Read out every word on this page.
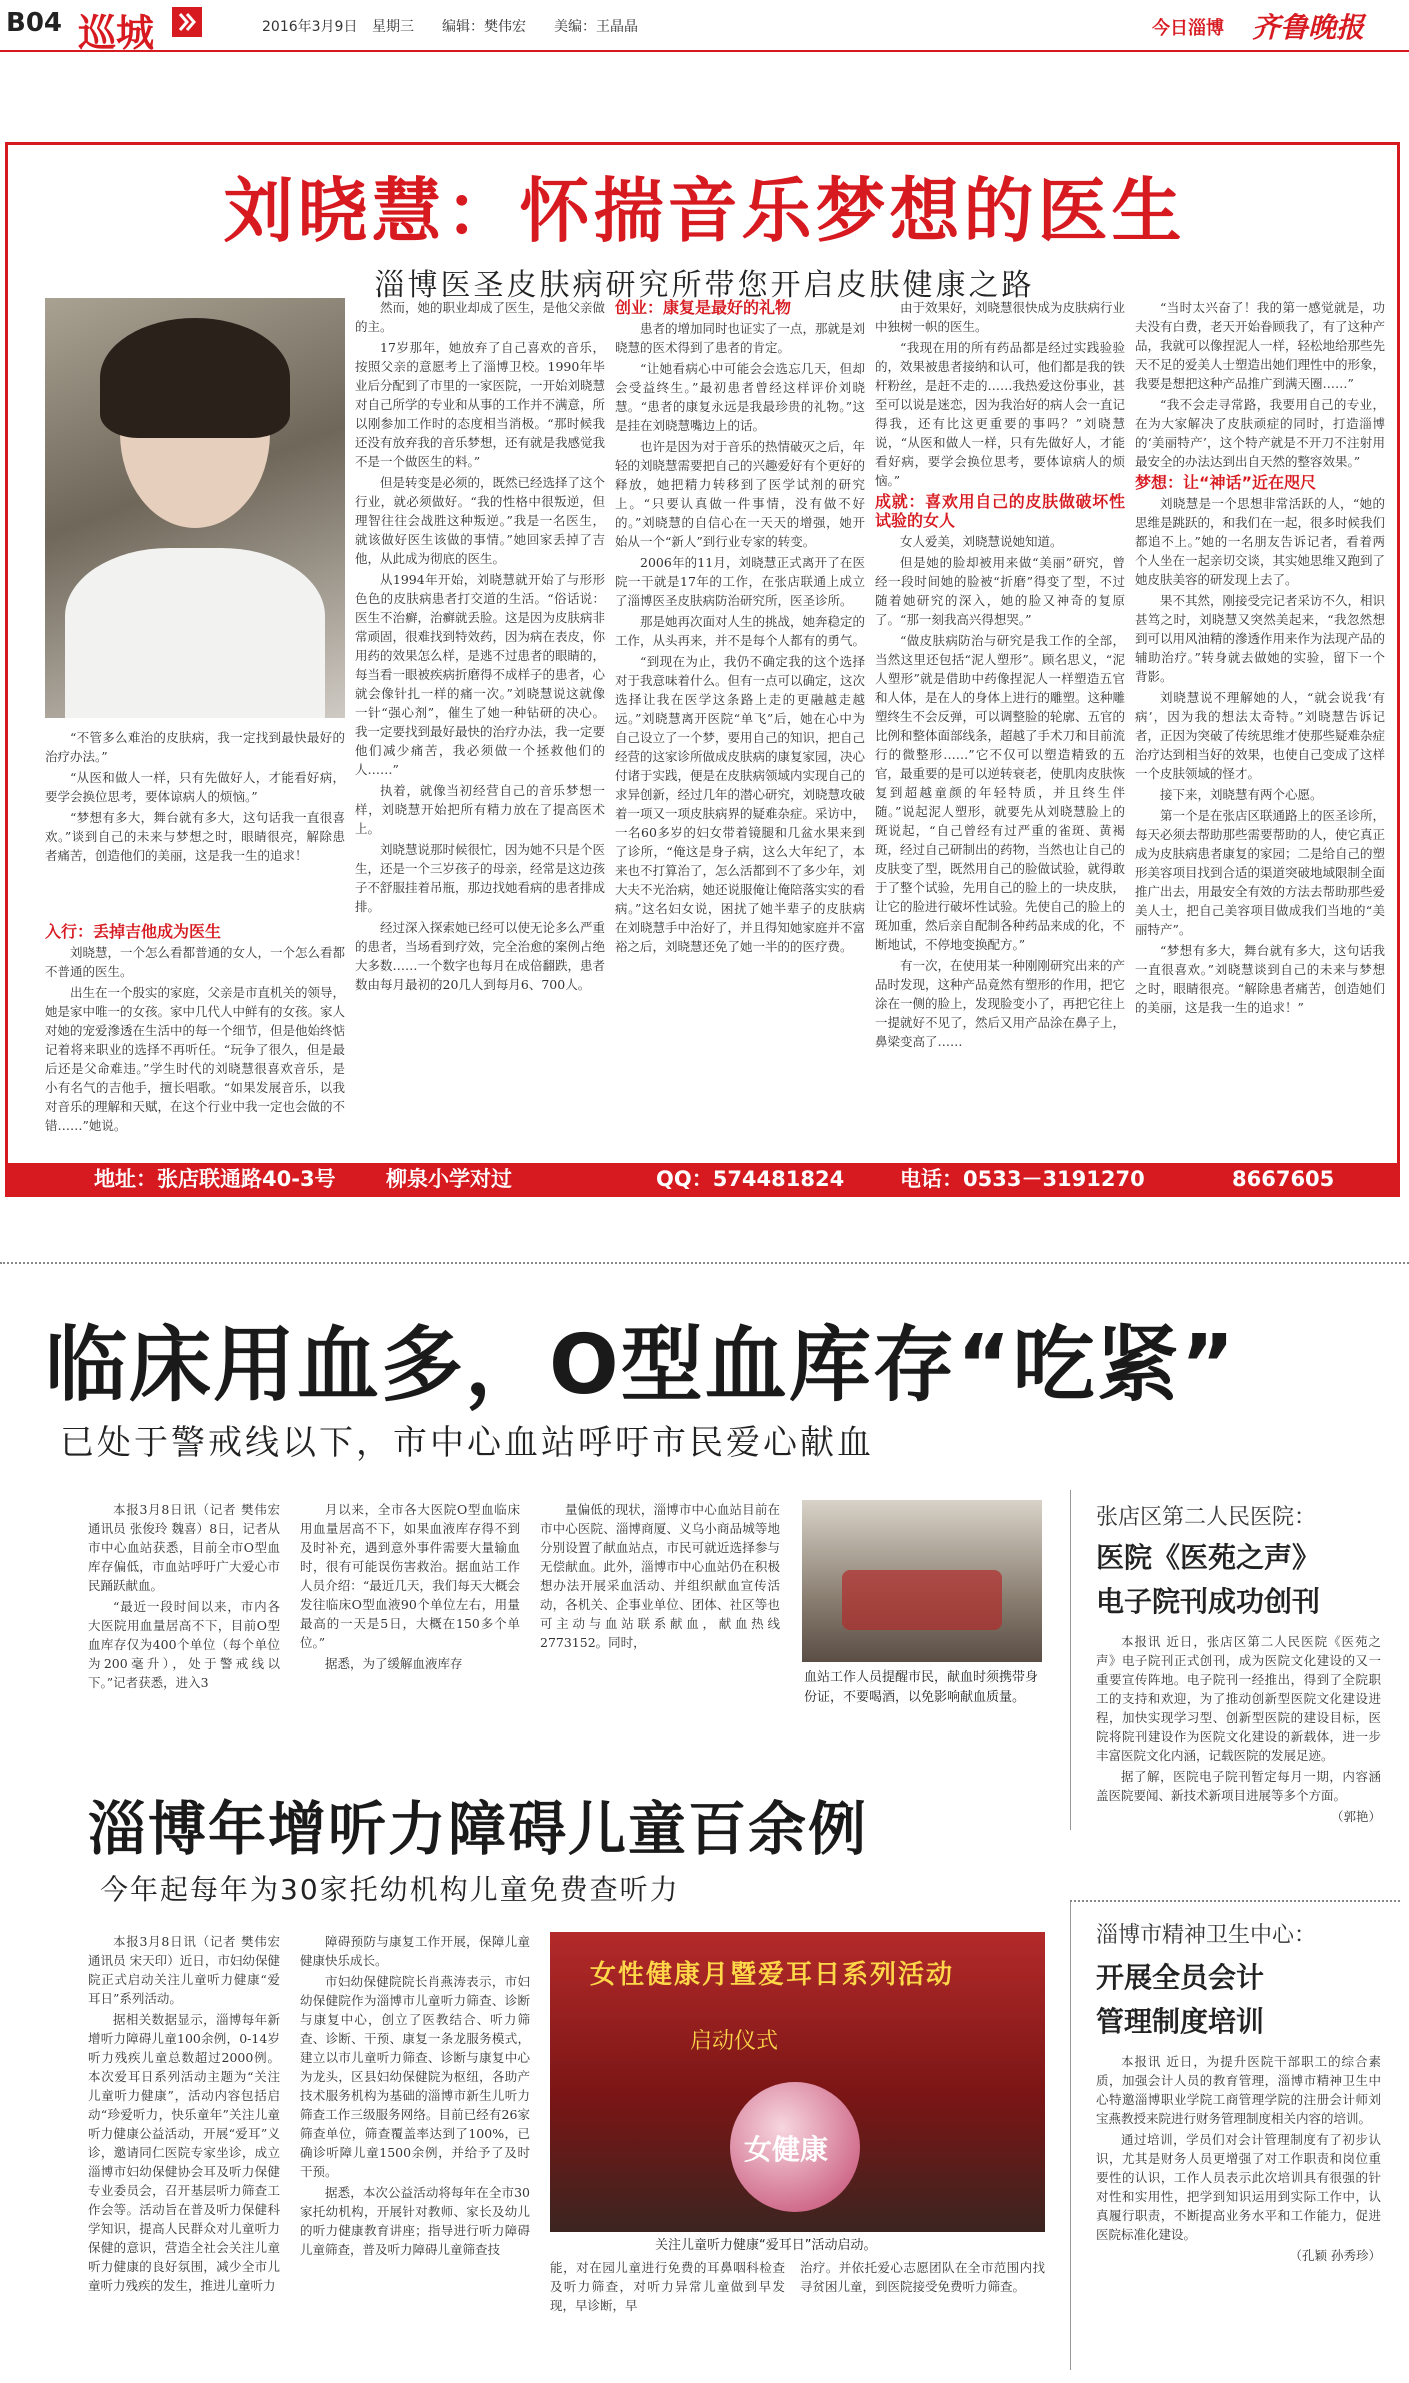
B04 巡城	2016年3月9日 星期三 编辑：樊伟宏 美编：王晶晶	今日淄博 齐鲁晚报
刘晓慧：怀揣音乐梦想的医生
淄博医圣皮肤病研究所带您开启皮肤健康之路

“不管多么难治的皮肤病，我一定找到最快最好的治疗办法。”

“从医和做人一样，只有先做好人，才能看好病，要学会换位思考，要体谅病人的烦恼。”

“梦想有多大，舞台就有多大，这句话我一直很喜欢。”谈到自己的未来与梦想之时，眼睛很亮，解除患者痛苦，创造他们的美丽，这是我一生的追求！

入行：丢掉吉他成为医生

刘晓慧，一个怎么看都普通的女人，一个怎么看都不普通的医生。

出生在一个殷实的家庭，父亲是市直机关的领导，她是家中唯一的女孩。家中几代人中鲜有的女孩。家人对她的宠爱滲透在生活中的每一个细节，但是他始终惦记着将来职业的选择不再听任。“玩争了很久，但是最后还是父命难违。”学生时代的刘晓慧很喜欢音乐，是小有名气的吉他手，擅长唱歌。“如果发展音乐，以我对音乐的理解和天赋，在这个行业中我一定也会做的不错……”她说。

然而，她的职业却成了医生，是他父亲做的主。

17岁那年，她放弃了自己喜欢的音乐，按照父亲的意愿考上了淄博卫校。1990年毕业后分配到了市里的一家医院，一开始刘晓慧对自己所学的专业和从事的工作并不满意，所以刚参加工作时的态度相当消极。“那时候我还没有放弃我的音乐梦想，还有就是我感觉我不是一个做医生的料。”

但是转变是必须的，既然已经选择了这个行业，就必须做好。“我的性格中很叛逆，但理智往往会战胜这种叛逆。”我是一名医生，就该做好医生该做的事情。”她回家丢掉了吉他，从此成为彻底的医生。

从1994年开始，刘晓慧就开始了与形形色色的皮肤病患者打交道的生活。“俗话说：医生不治癣，治癣就丢脸。这是因为皮肤病非常顽固，很难找到特效药，因为病在表皮，你用药的效果怎么样，是逃不过患者的眼睛的，每当看一眼被疾病折磨得不成样子的患者，心就会像针扎一样的痛一次。”刘晓慧说这就像一针“强心剂”，催生了她一种钻研的决心。我一定要找到最好最快的治疗办法，我一定要他们减少痛苦，我必须做一个拯救他们的人……”

执着，就像当初经营自己的音乐梦想一样，刘晓慧开始把所有精力放在了提高医术上。

刘晓慧说那时候很忙，因为她不只是个医生，还是一个三岁孩子的母亲，经常是这边孩子不舒服挂着吊瓶，那边找她看病的患者排成排。

经过深入探索她已经可以使无论多么严重的患者，当场看到疗效，完全治愈的案例占绝大多数……一个数字也每月在成倍翻跌，患者数由每月最初的20几人到每月6、700人。

创业：康复是最好的礼物

患者的增加同时也证实了一点，那就是刘晓慧的医术得到了患者的肯定。

“让她看病心中可能会会选忘几天，但却会受益终生。”最初患者曾经这样评价刘晓慧。“患者的康复永远是我最珍贵的礼物。”这是挂在刘晓慧嘴边上的话。

也许是因为对于音乐的热情破灭之后，年轻的刘晓慧需要把自己的兴趣爱好有个更好的释放，她把精力转移到了医学试剂的研究上。“只要认真做一件事情，没有做不好的。”刘晓慧的自信心在一天天的增强，她开始从一个“新人”到行业专家的转变。

2006年的11月，刘晓慧正式离开了在医院一干就是17年的工作，在张店联通上成立了淄博医圣皮肤病防治研究所，医圣诊所。

那是她再次面对人生的挑战，她奔稳定的工作，从头再来，并不是每个人都有的勇气。

“到现在为止，我仍不确定我的这个选择对于我意味着什么。但有一点可以确定，这次选择让我在医学这条路上走的更融越走越远。”刘晓慧离开医院“单飞”后，她在心中为自己设立了一个梦，要用自己的知识，把自己经营的这家诊所做成皮肤病的康复家园，决心付诸于实践，便是在皮肤病领域内实现自己的求异创新，经过几年的潜心研究，刘晓慧攻破着一项又一项皮肤病界的疑难杂症。采访中，一名60多岁的妇女带着镜腿和几盆水果来到了诊所，“俺这是身子病，这么大年纪了，本来也不打算治了，怎么活都到不了多少年，刘大夫不光治病，她还说服俺让俺陪落实实的看病。”这名妇女说，困扰了她半辈子的皮肤病在刘晓慧手中治好了，并且得知她家庭并不富裕之后，刘晓慧还免了她一半的的医疗费。

由于效果好，刘晓慧很快成为皮肤病行业中独树一帜的医生。

“我现在用的所有药品都是经过实践验验的，效果被患者接纳和认可，他们都是我的铁杆粉丝，是赶不走的……我热爱这份事业，甚至可以说是迷恋，因为我治好的病人会一直记得我，还有比这更重要的事吗？”刘晓慧说，“从医和做人一样，只有先做好人，才能看好病，要学会换位思考，要体谅病人的烦恼。”

成就：喜欢用自己的皮肤做破坏性试验的女人

女人爱美，刘晓慧说她知道。

但是她的脸却被用来做“美丽”研究，曾经一段时间她的脸被“折磨”得变了型，不过随着她研究的深入，她的脸又神奇的复原了。“那一刻我高兴得想哭。”

“做皮肤病防治与研究是我工作的全部，当然这里还包括“泥人塑形”。顾名思义，“泥人塑形”就是借助中药像捏泥人一样塑造五官和人体，是在人的身体上进行的雕塑。这种雕塑终生不会反弹，可以调整脸的轮廓、五官的比例和整体面部线条，超越了手术刀和目前流行的微整形……”它不仅可以塑造精致的五官，最重要的是可以逆转衰老，使肌肉皮肤恢复到超越童颜的年轻特质，并且终生伴随。”说起泥人塑形，就要先从刘晓慧脸上的斑说起，“自己曾经有过严重的雀斑、黄褐斑，经过自己研制出的药物，当然也让自己的皮肤变了型，既然用自己的脸做试验，就得敢于了整个试验，先用自己的脸上的一块皮肤，让它的脸进行破坏性试验。先使自己的脸上的斑加重，然后亲自配制各种药品来成的化，不断地试，不停地变换配方。”

有一次，在使用某一种刚刚研究出来的产品时发现，这种产品竟然有塑形的作用，把它涂在一侧的脸上，发现脸变小了，再把它往上一提就好不见了，然后又用产品涂在鼻子上，鼻梁变高了……

“当时太兴奋了！我的第一感觉就是，功夫没有白费，老天开始眷顾我了，有了这种产品，我就可以像捏泥人一样，轻松地给那些先天不足的爱美人士塑造出她们理性中的形象，我要是想把这种产品推广到满天圈……”

“我不会走寻常路，我要用自己的专业，在为大家解决了皮肤顽症的同时，打造淄博的‘美丽特产’，这个特产就是不开刀不注射用最安全的办法达到出自天然的整容效果。”

梦想：让“神话”近在咫尺

刘晓慧是一个思想非常活跃的人，“她的思维是跳跃的，和我们在一起，很多时候我们都追不上。”她的一名朋友告诉记者，看着两个人坐在一起亲切交谈，其实她思维又跑到了她皮肤美容的研发现上去了。

果不其然，刚接受完记者采访不久，相识甚笃之时，刘晓慧又突然美起来，“我忽然想到可以用风油精的滲透作用来作为法现产品的辅助治疗。”转身就去做她的实验，留下一个背影。

刘晓慧说不理解她的人，“就会说我‘有病’，因为我的想法太奇特。”刘晓慧告诉记者，正因为突破了传统思维才使那些疑难杂症治疗达到相当好的效果，也使自己变成了这样一个皮肤领域的怪才。

接下来，刘晓慧有两个心愿。

第一个是在张店区联通路上的医圣诊所，每天必须去帮助那些需要帮助的人，使它真正成为皮肤病患者康复的家园；二是给自己的塑形美容项目找到合适的渠道突破地域限制全面推广出去，用最安全有效的方法去帮助那些爱美人士，把自己美容项目做成我们当地的“美丽特产”。

“梦想有多大，舞台就有多大，这句话我一直很喜欢。”刘晓慧谈到自己的未来与梦想之时，眼睛很亮。“解除患者痛苦，创造她们的美丽，这是我一生的追求！”

地址：张店联通路40-3号 柳泉小学对过	QQ：574481824	电话：0533－3191270	8667605
临床用血多，O型血库存“吃紧”
已处于警戒线以下，市中心血站呼吁市民爱心献血

本报3月8日讯（记者 樊伟宏 通讯员 张俊玲 魏喜）8日，记者从市中心血站获悉，目前全市O型血库存偏低，市血站呼吁广大爱心市民踊跃献血。

“最近一段时间以来，市内各大医院用血量居高不下，目前O型血库存仅为400个单位（每个单位为200毫升），处于警戒线以下。”记者获悉，进入3

月以来，全市各大医院O型血临床用血量居高不下，如果血液库存得不到及时补充，遇到意外事件需要大量输血时，很有可能误伤害救治。据血站工作人员介绍：“最近几天，我们每天大概会发往临床O型血液90个单位左右，用量最高的一天是5日，大概在150多个单位。”

据悉，为了缓解血液库存

量偏低的现状，淄博市中心血站目前在市中心医院、淄博商厦、义乌小商品城等地分别设置了献血站点，市民可就近选择参与无偿献血。此外，淄博市中心血站仍在积极想办法开展采血活动、并组织献血宣传活动，各机关、企事业单位、团体、社区等也可主动与血站联系献血，献血热线2773152。同时，

血站工作人员提醒市民，献血时须携带身份证，不要喝酒，以免影响献血质量。
张店区第二人民医院：
医院《医苑之声》
电子院刊成功创刊

本报讯 近日，张店区第二人民医院《医苑之声》电子院刊正式创刊，成为医院文化建设的又一重要宣传阵地。电子院刊一经推出，得到了全院职工的支持和欢迎，为了推动创新型医院文化建设进程，加快实现学习型、创新型医院的建设目标，医院将院刊建设作为医院文化建设的新载体，进一步丰富医院文化内涵，记载医院的发展足迹。

据了解，医院电子院刊暂定每月一期，内容涵盖医院要闻、新技术新项目进展等多个方面。

（郭艳）

淄博年增听力障碍儿童百余例
今年起每年为30家托幼机构儿童免费查听力

本报3月8日讯（记者 樊伟宏 通讯员 宋天印）近日，市妇幼保健院正式启动关注儿童听力健康“爱耳日”系列活动。

据相关数据显示，淄博每年新增听力障碍儿童100余例，0-14岁听力残疾儿童总数超过2000例。本次爱耳日系列活动主题为“关注儿童听力健康”，活动内容包括启动“珍爱听力，快乐童年”关注儿童听力健康公益活动，开展“爱耳”义诊，邀请同仁医院专家坐诊，成立淄博市妇幼保健协会耳及听力保健专业委员会，召开基层听力筛查工作会等。活动旨在普及听力保健科学知识，提高人民群众对儿童听力保健的意识，营造全社会关注儿童听力健康的良好氛围，减少全市儿童听力残疾的发生，推进儿童听力

障碍预防与康复工作开展，保障儿童健康快乐成长。

市妇幼保健院院长肖燕涛表示，市妇幼保健院作为淄博市儿童听力筛查、诊断与康复中心，创立了医教结合、听力筛查、诊断、干预、康复一条龙服务模式，建立以市儿童听力筛查、诊断与康复中心为龙头，区县妇幼保健院为枢纽，各助产技术服务机构为基础的淄博市新生儿听力筛查工作三级服务网络。目前已经有26家筛查单位，筛查覆盖率达到了100%，已确诊听障儿童1500余例，并给予了及时干预。

据悉，本次公益活动将每年在全市30家托幼机构，开展针对教师、家长及幼儿的听力健康教育讲座；指导进行听力障碍儿童筛查，普及听力障碍儿童筛查技

女性健康月暨爱耳日系列活动
启动仪式
女健康
关注儿童听力健康“爱耳日”活动启动。

能，对在园儿童进行免费的耳鼻咽科检查及听力筛查，对听力异常儿童做到早发现，早诊断，早

治疗。并依托爱心志愿团队在全市范围内找寻贫困儿童，到医院接受免费听力筛查。

淄博市精神卫生中心：
开展全员会计
管理制度培训

本报讯 近日，为提升医院干部职工的综合素质，加强会计人员的教育管理，淄博市精神卫生中心特邀淄博职业学院工商管理学院的注册会计师刘宝燕教授来院进行财务管理制度相关内容的培训。

通过培训，学员们对会计管理制度有了初步认识，尤其是财务人员更增强了对工作职责和岗位重要性的认识，工作人员表示此次培训具有很强的针对性和实用性，把学到知识运用到实际工作中，认真履行职责，不断提高业务水平和工作能力，促进医院标准化建设。

（孔颖 孙秀珍）
